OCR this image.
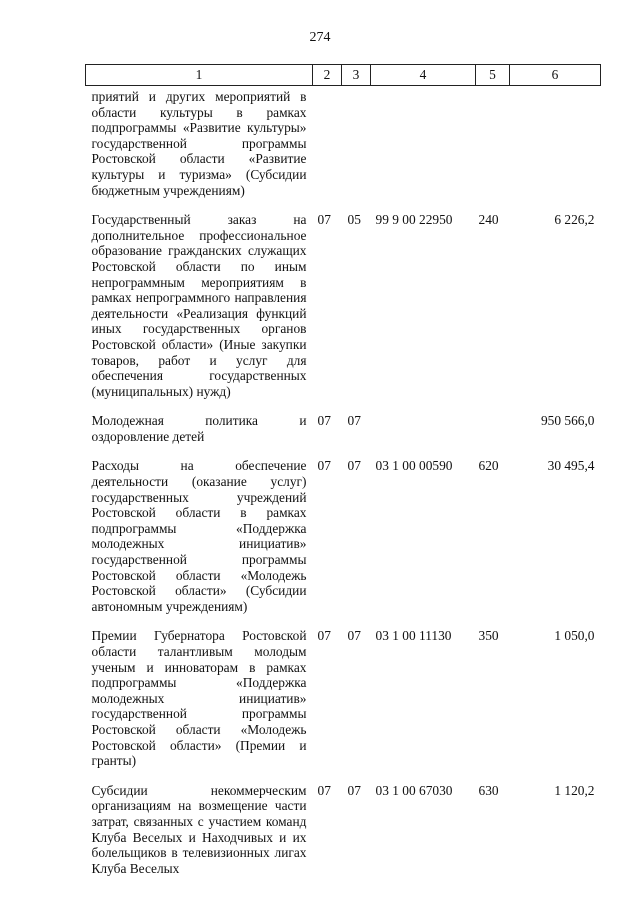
274
1	2	3	4	5	6

приятий и других мероприятий в области культуры в рамках подпрограммы «Развитие культуры» государственной программы Ростовской области «Развитие культуры и туризма» (Субсидии бюджетным учреждениям)					

Государственный заказ на дополнительное профессиональное образование гражданских служащих Ростовской области по иным непрограммным мероприятиям в рамках непрограммного направления деятельности «Реализация функций иных государственных органов Ростовской области» (Иные закупки товаров, работ и услуг для обеспечения государственных (муниципальных) нужд)	07	05	99 9 00 22950	240	6 226,2

Молодежная политика и оздоровление детей	07	07			950 566,0

Расходы на обеспечение деятельности (оказание услуг) государственных учреждений Ростовской области в рамках подпрограммы «Поддержка молодежных инициатив» государственной программы Ростовской области «Молодежь Ростовской области» (Субсидии автономным учреждениям)	07	07	03 1 00 00590	620	30 495,4

Премии Губернатора Ростовской области талантливым молодым ученым и инноваторам в рамках подпрограммы «Поддержка молодежных инициатив» государственной программы Ростовской области «Молодежь Ростовской области» (Премии и гранты)	07	07	03 1 00 11130	350	1 050,0

Субсидии некоммерческим организациям на возмещение части затрат, связанных с участием команд Клуба Веселых и Находчивых и их болельщиков в телевизионных лигах Клуба Веселых	07	07	03 1 00 67030	630	1 120,2
